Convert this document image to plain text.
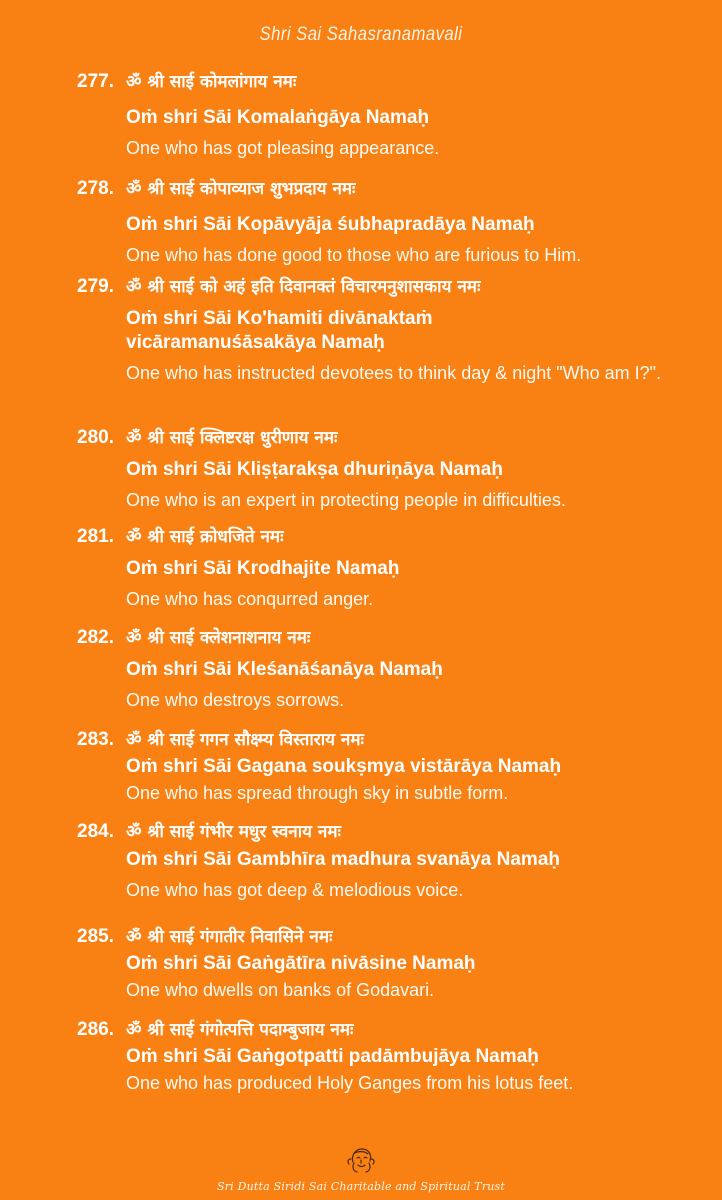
Shri Sai Sahasranamavali
277. ॐ श्री साई कोमलांगाय नमः
Oṁ shri Sāi Komalaṅgāya Namaḥ
One who has got pleasing appearance.
278. ॐ श्री साई कोपाव्याज शुभप्रदाय नमः
Oṁ shri Sāi Kopāvyāja śubhapradāya Namaḥ
One who has done good to those who are furious to Him.
279. ॐ श्री साई को अहं इति दिवानक्तं विचारमनुशासकाय नमः
Oṁ shri Sāi Ko'hamiti divānaktaṁ vicāramanuśāsakāya Namaḥ
One who has instructed devotees to think day & night "Who am I?".
280. ॐ श्री साई क्लिष्टरक्ष धुरीणाय नमः
Oṁ shri Sāi Kliṣṭarakṣa dhuriṇāya Namaḥ
One who is an expert in protecting people in difficulties.
281. ॐ श्री साई क्रोधजिते नमः
Oṁ shri Sāi Krodhajite Namaḥ
One who has conqurred anger.
282. ॐ श्री साई क्लेशनाशनाय नमः
Oṁ shri Sāi Kleśanāśanāya Namaḥ
One who destroys sorrows.
283. ॐ श्री साई गगन सौक्ष्म्य विस्ताराय नमः
Oṁ shri Sāi Gagana soukṣmya vistārāya Namaḥ
One who has spread through sky in subtle form.
284. ॐ श्री साई गंभीर मधुर स्वनाय नमः
Oṁ shri Sāi Gambhīra madhura svanāya Namaḥ
One who has got deep & melodious voice.
285. ॐ श्री साई गंगातीर निवासिने नमः
Oṁ shri Sāi Gaṅgātīra nivāsine Namaḥ
One who dwells on banks of Godavari.
286. ॐ श्री साई गंगोत्पत्ति पदाम्बुजाय नमः
Oṁ shri Sāi Gaṅgotpatti padāmbujāya Namaḥ
One who has produced Holy Ganges from his lotus feet.
Sri Dutta Siridi Sai Charitable and Spiritual Trust
